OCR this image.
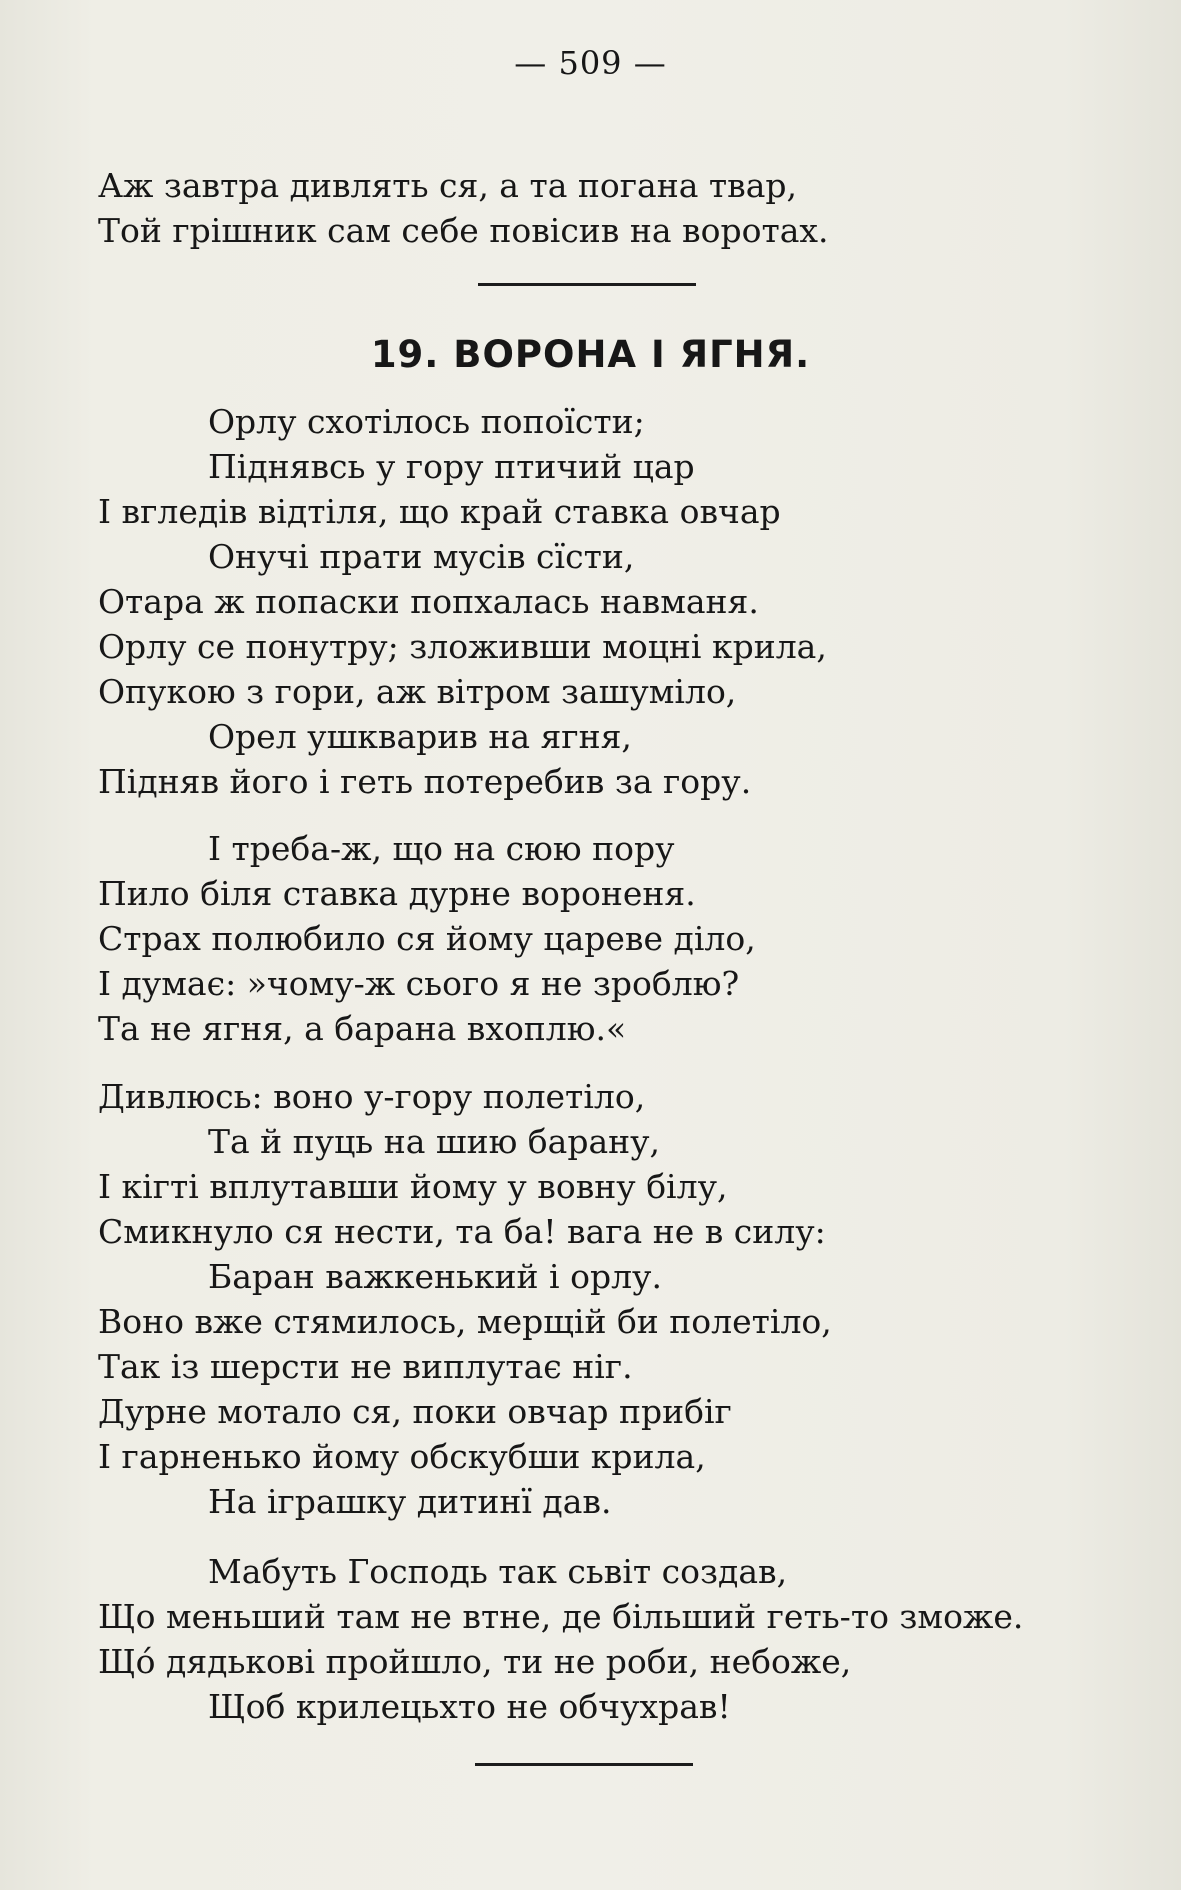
— 509 —
Аж завтра дивлять ся, а та погана твар,
Той грішник сам себе повісив на воротах.
19. ВОРОНА І ЯГНЯ.
Орлу схотілось попоїсти;
Піднявсь у гору птичий цар
І вгледів відтіля, що край ставка овчар
Онучі прати мусів сїсти,
Отара ж попаски попхалась навманя.
Орлу се понутру; зложивши моцні крила,
Опукою з гори, аж вітром зашуміло,
Орел ушкварив на ягня,
Підняв його і геть потеребив за гору.
І треба-ж, що на сюю пору
Пило біля ставка дурне вороненя.
Страх полюбило ся йому цареве діло,
І думає: »чому-ж сього я не зроблю?
Та не ягня, а барана вхоплю.«
Дивлюсь: воно у-гору полетіло,
Та й пуць на шию барану,
І кігті вплутавши йому у вовну білу,
Смикнуло ся нести, та ба! вага не в силу:
Баран важкенький і орлу.
Воно вже стямилось, мерщій би полетіло,
Так із шерсти не виплутає ніг.
Дурне мотало ся, поки овчар прибіг
І гарненько йому обскубши крила,
На іграшку дитинї дав.
Мабуть Господь так сьвіт создав,
Що меньший там не втне, де більший геть-то зможе.
Щó дядькові пройшло, ти не роби, небоже,
Щоб крилецьхто не обчухрав!
